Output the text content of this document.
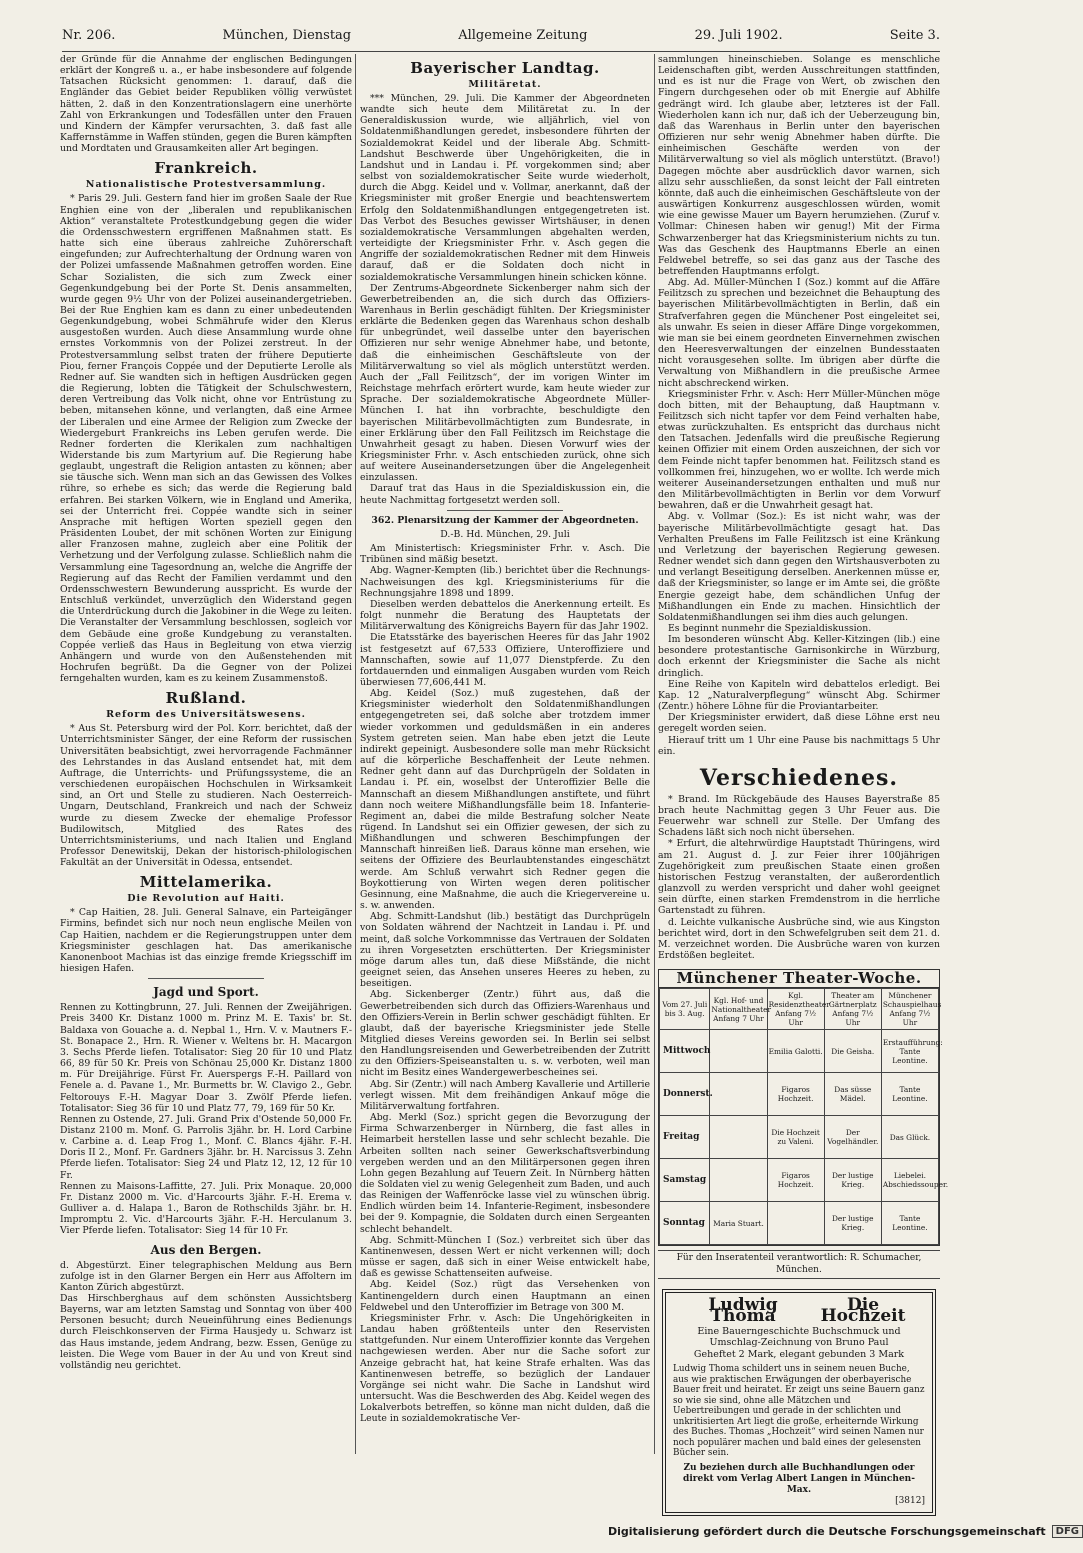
Nr. 206.	München, Dienstag	Allgemeine Zeitung	29. Juli 1902.	Seite 3.

der Gründe für die Annahme der englischen Bedingungen erklärt der Kongreß u. a., er habe insbesondere auf folgende Tatsachen Rücksicht genommen: 1. darauf, daß die Engländer das Gebiet beider Republiken völlig verwüstet hätten, 2. daß in den Konzentrationslagern eine unerhörte Zahl von Erkrankungen und Todesfällen unter den Frauen und Kindern der Kämpfer verursachten, 3. daß fast alle Kaffernstämme in Waffen stünden, gegen die Buren kämpften und Mordtaten und Grausamkeiten aller Art begingen.

Frankreich.
Nationalistische Protestversammlung.

* Paris 29. Juli. Gestern fand hier im großen Saale der Rue Enghien eine von der „liberalen und republikanischen Aktion“ veranstaltete Protestkundgebung gegen die wider die Ordensschwestern ergriffenen Maßnahmen statt. Es hatte sich eine überaus zahlreiche Zuhörerschaft eingefunden; zur Aufrechterhaltung der Ordnung waren von der Polizei umfassende Maßnahmen getroffen worden. Eine Schar Sozialisten, die sich zum Zweck einer Gegenkundgebung bei der Porte St. Denis ansammelten, wurde gegen 9½ Uhr von der Polizei auseinandergetrieben. Bei der Rue Enghien kam es dann zu einer unbedeutenden Gegenkundgebung, wobei Schmährufe wider den Klerus ausgestoßen wurden. Auch diese Ansammlung wurde ohne ernstes Vorkommnis von der Polizei zerstreut. In der Protestversammlung selbst traten der frühere Deputierte Piou, ferner François Coppée und der Deputierte Lerolle als Redner auf. Sie wandten sich in heftigen Ausdrücken gegen die Regierung, lobten die Tätigkeit der Schulschwestern, deren Vertreibung das Volk nicht, ohne vor Entrüstung zu beben, mitansehen könne, und verlangten, daß eine Armee der Liberalen und eine Armee der Religion zum Zwecke der Wiedergeburt Frankreichs ins Leben gerufen werde. Die Redner forderten die Klerikalen zum nachhaltigen Widerstande bis zum Martyrium auf. Die Regierung habe geglaubt, ungestraft die Religion antasten zu können; aber sie täusche sich. Wenn man sich an das Gewissen des Volkes rühre, so erhebe es sich; das werde die Regierung bald erfahren. Bei starken Völkern, wie in England und Amerika, sei der Unterricht frei. Coppée wandte sich in seiner Ansprache mit heftigen Worten speziell gegen den Präsidenten Loubet, der mit schönen Worten zur Einigung aller Franzosen mahne, zugleich aber eine Politik der Verhetzung und der Verfolgung zulasse. Schließlich nahm die Versammlung eine Tagesordnung an, welche die Angriffe der Regierung auf das Recht der Familien verdammt und den Ordensschwestern Bewunderung ausspricht. Es wurde der Entschluß verkündet, unverzüglich den Widerstand gegen die Unterdrückung durch die Jakobiner in die Wege zu leiten. Die Veranstalter der Versammlung beschlossen, sogleich vor dem Gebäude eine große Kundgebung zu veranstalten. Coppée verließ das Haus in Begleitung von etwa vierzig Anhängern und wurde von den Außenstehenden mit Hochrufen begrüßt. Da die Gegner von der Polizei ferngehalten wurden, kam es zu keinem Zusammenstoß.

Rußland.
Reform des Universitätswesens.

* Aus St. Petersburg wird der Pol. Korr. berichtet, daß der Unterrichtsminister Sänger, der eine Reform der russischen Universitäten beabsichtigt, zwei hervorragende Fachmänner des Lehrstandes in das Ausland entsendet hat, mit dem Auftrage, die Unterrichts- und Prüfungssysteme, die an verschiedenen europäischen Hochschulen in Wirksamkeit sind, an Ort und Stelle zu studieren. Nach Oesterreich-Ungarn, Deutschland, Frankreich und nach der Schweiz wurde zu diesem Zwecke der ehemalige Professor Budilowitsch, Mitglied des Rates des Unterrichtsministeriums, und nach Italien und England Professor Denewitskij, Dekan der historisch-philologischen Fakultät an der Universität in Odessa, entsendet.

Mittelamerika.
Die Revolution auf Haiti.

* Cap Haitien, 28. Juli. General Salnave, ein Parteigänger Firmins, befindet sich nur noch neun englische Meilen von Cap Haitien, nachdem er die Regierungstruppen unter dem Kriegsminister geschlagen hat. Das amerikanische Kanonenboot Machias ist das einzige fremde Kriegsschiff im hiesigen Hafen.

Jagd und Sport.

Rennen zu Kottingbrunn, 27. Juli. Rennen der Zweijährigen. Preis 3400 Kr. Distanz 1000 m. Prinz M. E. Taxis' br. St. Baldaxa von Gouache a. d. Nepbal 1., Hrn. V. v. Mautners F.-St. Bonapace 2., Hrn. R. Wiener v. Weltens br. H. Macargon 3. Sechs Pferde liefen. Totalisator: Sieg 20 für 10 und Platz 66, 89 für 50 Kr. Preis von Schönau 25,000 Kr. Distanz 1800 m. Für Dreijährige. Fürst Fr. Auerspergs F.-H. Paillard von Fenele a. d. Pavane 1., Mr. Burmetts br. W. Clavigo 2., Gebr. Feltorouys F.-H. Magyar Doar 3. Zwölf Pferde liefen. Totalisator: Sieg 36 für 10 und Platz 77, 79, 169 für 50 Kr.

Rennen zu Ostende, 27. Juli. Grand Prix d'Ostende 50,000 Fr. Distanz 2100 m. Monf. G. Parrolis 3jähr. br. H. Lord Carbine v. Carbine a. d. Leap Frog 1., Monf. C. Blancs 4jähr. F.-H. Doris II 2., Monf. Fr. Gardners 3jähr. br. H. Narcissus 3. Zehn Pferde liefen. Totalisator: Sieg 24 und Platz 12, 12, 12 für 10 Fr.

Rennen zu Maisons-Laffitte, 27. Juli. Prix Monaque. 20,000 Fr. Distanz 2000 m. Vic. d'Harcourts 3jähr. F.-H. Erema v. Gulliver a. d. Halapa 1., Baron de Rothschilds 3jähr. br. H. Impromptu 2. Vic. d'Harcourts 3jähr. F.-H. Herculanum 3. Vier Pferde liefen. Totalisator: Sieg 14 für 10 Fr.

Aus den Bergen.

d. Abgestürzt. Einer telegraphischen Meldung aus Bern zufolge ist in den Glarner Bergen ein Herr aus Affoltern im Kanton Zürich abgestürzt.

Das Hirschberghaus auf dem schönsten Aussichtsberg Bayerns, war am letzten Samstag und Sonntag von über 400 Personen besucht; durch Neueinführung eines Bedienungs durch Fleischkonserven der Firma Hausjedy u. Schwarz ist das Haus imstande, jedem Andrang, bezw. Essen, Genüge zu leisten. Die Wege vom Bauer in der Au und von Kreut sind vollständig neu gerichtet.

Bayerischer Landtag.
Militäretat.

*** München, 29. Juli. Die Kammer der Abgeordneten wandte sich heute dem Militäretat zu. In der Generaldiskussion wurde, wie alljährlich, viel von Soldatenmißhandlungen geredet, insbesondere führten der Sozialdemokrat Keidel und der liberale Abg. Schmitt-Landshut Beschwerde über Ungehörigkeiten, die in Landshut und in Landau i. Pf. vorgekommen sind; aber selbst von sozialdemokratischer Seite wurde wiederholt, durch die Abgg. Keidel und v. Vollmar, anerkannt, daß der Kriegsminister mit großer Energie und beachtenswertem Erfolg den Soldatenmißhandlungen entgegengetreten ist. Das Verbot des Besuches gewisser Wirtshäuser, in denen sozialdemokratische Versammlungen abgehalten werden, verteidigte der Kriegsminister Frhr. v. Asch gegen die Angriffe der sozialdemokratischen Redner mit dem Hinweis darauf, daß er die Soldaten doch nicht in sozialdemokratische Versammlungen hinein schicken könne.

Der Zentrums-Abgeordnete Sickenberger nahm sich der Gewerbetreibenden an, die sich durch das Offiziers-Warenhaus in Berlin geschädigt fühlten. Der Kriegsminister erklärte die Bedenken gegen das Warenhaus schon deshalb für unbegründet, weil dasselbe unter den bayerischen Offizieren nur sehr wenige Abnehmer habe, und betonte, daß die einheimischen Geschäftsleute von der Militärverwaltung so viel als möglich unterstützt werden. Auch der „Fall Feilitzsch“, der im vorigen Winter im Reichstage mehrfach erörtert wurde, kam heute wieder zur Sprache. Der sozialdemokratische Abgeordnete Müller-München I. hat ihn vorbrachte, beschuldigte den bayerischen Militärbevollmächtigten zum Bundesrate, in einer Erklärung über den Fall Feilitzsch im Reichstage die Unwahrheit gesagt zu haben. Diesen Vorwurf wies der Kriegsminister Frhr. v. Asch entschieden zurück, ohne sich auf weitere Auseinandersetzungen über die Angelegenheit einzulassen.

Darauf trat das Haus in die Spezialdiskussion ein, die heute Nachmittag fortgesetzt werden soll.

362. Plenarsitzung der Kammer der Abgeordneten.
D.-B. Hd. München, 29. Juli

Am Ministertisch: Kriegsminister Frhr. v. Asch. Die Tribünen sind mäßig besetzt.

Abg. Wagner-Kempten (lib.) berichtet über die Rechnungs-Nachweisungen des kgl. Kriegsministeriums für die Rechnungsjahre 1898 und 1899.

Dieselben werden debattelos die Anerkennung erteilt. Es folgt nunmehr die Beratung des Hauptetats der Militärverwaltung des Königreichs Bayern für das Jahr 1902.

Die Etatsstärke des bayerischen Heeres für das Jahr 1902 ist festgesetzt auf 67,533 Offiziere, Unteroffiziere und Mannschaften, sowie auf 11,077 Dienstpferde. Zu den fortdauernden und einmaligen Ausgaben wurden vom Reich überwiesen 77,606,441 M.

Abg. Keidel (Soz.) muß zugestehen, daß der Kriegsminister wiederholt den Soldatenmißhandlungen entgegengetreten sei, daß solche aber trotzdem immer wieder vorkommen und geduldsmäßen in ein anderes System getreten seien. Man habe eben jetzt die Leute indirekt gepeinigt. Ausbesondere solle man mehr Rücksicht auf die körperliche Beschaffenheit der Leute nehmen. Redner geht dann auf das Durchprügeln der Soldaten in Landau i. Pf. ein, woselbst der Unteroffizier Belle die Mannschaft an diesem Mißhandlungen anstiftete, und führt dann noch weitere Mißhandlungsfälle beim 18. Infanterie-Regiment an, dabei die milde Bestrafung solcher Neate rügend. In Landshut sei ein Offizier gewesen, der sich zu Mißhandlungen und schweren Beschimpfungen der Mannschaft hinreißen ließ. Daraus könne man ersehen, wie seitens der Offiziere des Beurlaubtenstandes eingeschätzt werde. Am Schluß verwahrt sich Redner gegen die Boykottierung von Wirten wegen deren politischer Gesinnung, eine Maßnahme, die auch die Kriegervereine u. s. w. anwenden.

Abg. Schmitt-Landshut (lib.) bestätigt das Durchprügeln von Soldaten während der Nachtzeit in Landau i. Pf. und meint, daß solche Vorkommnisse das Vertrauen der Soldaten zu ihren Vorgesetzten erschütterten. Der Kriegsminister möge darum alles tun, daß diese Mißstände, die nicht geeignet seien, das Ansehen unseres Heeres zu heben, zu beseitigen.

Abg. Sickenberger (Zentr.) führt aus, daß die Gewerbetreibenden sich durch das Offiziers-Warenhaus und den Offiziers-Verein in Berlin schwer geschädigt fühlten. Er glaubt, daß der bayerische Kriegsminister jede Stelle Mitglied dieses Vereins geworden sei. In Berlin sei selbst den Handlungsreisenden und Gewerbetreibenden der Zutritt zu den Offiziers-Speiseanstalten u. s. w. verboten, weil man nicht im Besitz eines Wandergewerbescheines sei.

Abg. Sir (Zentr.) will nach Amberg Kavallerie und Artillerie verlegt wissen. Mit dem freihändigen Ankauf möge die Militärverwaltung fortfahren.

Abg. Merkl (Soz.) spricht gegen die Bevorzugung der Firma Schwarzenberger in Nürnberg, die fast alles in Heimarbeit herstellen lasse und sehr schlecht bezahle. Die Arbeiten sollten nach seiner Gewerkschaftsverbindung vergeben werden und an den Militärpersonen gegen ihren Lohn gegen Bezahlung auf Teuern Zeit. In Nürnberg hätten die Soldaten viel zu wenig Gelegenheit zum Baden, und auch das Reinigen der Waffenröcke lasse viel zu wünschen übrig. Endlich würden beim 14. Infanterie-Regiment, insbesondere bei der 9. Kompagnie, die Soldaten durch einen Sergeanten schlecht behandelt.

Abg. Schmitt-München I (Soz.) verbreitet sich über das Kantinenwesen, dessen Wert er nicht verkennen will; doch müsse er sagen, daß sich in einer Weise entwickelt habe, daß es gewisse Schattenseiten aufweise.

Abg. Keidel (Soz.) rügt das Versehenken von Kantinengeldern durch einen Hauptmann an einen Feldwebel und den Unteroffizier im Betrage von 300 M.

Kriegsminister Frhr. v. Asch: Die Ungehörigkeiten in Landau haben größtenteils unter den Reservisten stattgefunden. Nur einem Unteroffizier konnte das Vergehen nachgewiesen werden. Aber nur die Sache sofort zur Anzeige gebracht hat, hat keine Strafe erhalten. Was das Kantinenwesen betreffe, so bezüglich der Landauer Vorgänge sei nicht wahr. Die Sache in Landshut wird untersucht. Was die Beschwerden des Abg. Keidel wegen des Lokalverbots betreffen, so könne man nicht dulden, daß die Leute in sozialdemokratische Ver-

sammlungen hineinschieben. Solange es menschliche Leidenschaften gibt, werden Ausschreitungen stattfinden, und es ist nur die Frage von Wert, ob zwischen den Fingern durchgesehen oder ob mit Energie auf Abhilfe gedrängt wird. Ich glaube aber, letzteres ist der Fall. Wiederholen kann ich nur, daß ich der Ueberzeugung bin, daß das Warenhaus in Berlin unter den bayerischen Offizieren nur sehr wenig Abnehmer haben dürfte. Die einheimischen Geschäfte werden von der Militärverwaltung so viel als möglich unterstützt. (Bravo!) Dagegen möchte aber ausdrücklich davor warnen, sich allzu sehr ausschließen, da sonst leicht der Fall eintreten könnte, daß auch die einheimischen Geschäftsleute von der auswärtigen Konkurrenz ausgeschlossen würden, womit wie eine gewisse Mauer um Bayern herumziehen. (Zuruf v. Vollmar: Chinesen haben wir genug!) Mit der Firma Schwarzenberger hat das Kriegsministerium nichts zu tun. Was das Geschenk des Hauptmanns Eberle an einen Feldwebel betreffe, so sei das ganz aus der Tasche des betreffenden Hauptmanns erfolgt.

Abg. Ad. Müller-München I (Soz.) kommt auf die Affäre Feilitzsch zu sprechen und bezeichnet die Behauptung des bayerischen Militärbevollmächtigten in Berlin, daß ein Strafverfahren gegen die Münchener Post eingeleitet sei, als unwahr. Es seien in dieser Affäre Dinge vorgekommen, wie man sie bei einem geordneten Einvernehmen zwischen den Heeresverwaltungen der einzelnen Bundesstaaten nicht vorausgesehen sollte. Im übrigen aber dürfte die Verwaltung von Mißhandlern in die preußische Armee nicht abschreckend wirken.

Kriegsminister Frhr. v. Asch: Herr Müller-München möge doch bitten, mit der Behauptung, daß Hauptmann v. Feilitzsch sich nicht tapfer vor dem Feind verhalten habe, etwas zurückzuhalten. Es entspricht das durchaus nicht den Tatsachen. Jedenfalls wird die preußische Regierung keinen Offizier mit einem Orden auszeichnen, der sich vor dem Feinde nicht tapfer benommen hat. Feilitzsch stand es vollkommen frei, hinzugehen, wo er wollte. Ich werde mich weiterer Auseinandersetzungen enthalten und muß nur den Militärbevollmächtigten in Berlin vor dem Vorwurf bewahren, daß er die Unwahrheit gesagt hat.

Abg. v. Vollmar (Soz.): Es ist nicht wahr, was der bayerische Militärbevollmächtigte gesagt hat. Das Verhalten Preußens im Falle Feilitzsch ist eine Kränkung und Verletzung der bayerischen Regierung gewesen. Redner wendet sich dann gegen den Wirtshausverboten zu und verlangt Beseitigung derselben. Anerkennen müsse er, daß der Kriegsminister, so lange er im Amte sei, die größte Energie gezeigt habe, dem schändlichen Unfug der Mißhandlungen ein Ende zu machen. Hinsichtlich der Soldatenmißhandlungen sei ihm dies auch gelungen.

Es beginnt nunmehr die Spezialdiskussion.

Im besonderen wünscht Abg. Keller-Kitzingen (lib.) eine besondere protestantische Garnisonkirche in Würzburg, doch erkennt der Kriegsminister die Sache als nicht dringlich.

Eine Reihe von Kapiteln wird debattelos erledigt. Bei Kap. 12 „Naturalverpflegung“ wünscht Abg. Schirmer (Zentr.) höhere Löhne für die Proviantarbeiter.

Der Kriegsminister erwidert, daß diese Löhne erst neu geregelt worden seien.

Hierauf tritt um 1 Uhr eine Pause bis nachmittags 5 Uhr ein.

Verschiedenes.

* Brand. Im Rückgebäude des Hauses Bayerstraße 85 brach heute Nachmittag gegen 3 Uhr Feuer aus. Die Feuerwehr war schnell zur Stelle. Der Umfang des Schadens läßt sich noch nicht übersehen.

* Erfurt, die altehrwürdige Hauptstadt Thüringens, wird am 21. August d. J. zur Feier ihrer 100jährigen Zugehörigkeit zum preußischen Staate einen großen historischen Festzug veranstalten, der außerordentlich glanzvoll zu werden verspricht und daher wohl geeignet sein dürfte, einen starken Fremdenstrom in die herrliche Gartenstadt zu führen.

d. Leichte vulkanische Ausbrüche sind, wie aus Kingston berichtet wird, dort in den Schwefelgruben seit dem 21. d. M. verzeichnet worden. Die Ausbrüche waren von kurzen Erdstößen begleitet.

Münchener Theater-Woche.
Vom 27. Juli bis 3. Aug.	Kgl. Hof- und Nationaltheater Anfang 7 Uhr	Kgl. Residenztheater Anfang 7½ Uhr	Theater am Gärtnerplatz Anfang 7½ Uhr	Münchener Schauspielhaus Anfang 7½ Uhr
Mittwoch		Emilia Galotti.	Die Geisha.	Erstaufführung: Tante Leontine.
Donnerst.		Figaros Hochzeit.	Das süsse Mädel.	Tante Leontine.
Freitag		Die Hochzeit zu Valeni.	Der Vogelhändler.	Das Glück.
Samstag		Figaros Hochzeit.	Der lustige Krieg.	Liebelei. Abschiedssouper.
Sonntag	Maria Stuart.		Der lustige Krieg.	Tante Leontine.
Für den Inseratenteil verantwortlich: R. Schumacher, München.
Ludwig Thoma
Die Hochzeit
Eine Bauerngeschichte Buchschmuck und Umschlag-Zeichnung von Bruno Paul
Geheftet 2 Mark, elegant gebunden 3 Mark
Ludwig Thoma schildert uns in seinem neuen Buche, aus wie praktischen Erwägungen der oberbayerische Bauer freit und heiratet. Er zeigt uns seine Bauern ganz so wie sie sind, ohne alle Mätzchen und Uebertreibungen und gerade in der schlichten und unkritisierten Art liegt die große, erheiternde Wirkung des Buches. Thomas „Hochzeit“ wird seinen Namen nur noch populärer machen und bald eines der gelesensten Bücher sein.
Zu beziehen durch alle Buchhandlungen oder direkt vom Verlag Albert Langen in München-Max.
[3812]
Digitalisierung gefördert durch die Deutsche Forschungsgemeinschaft	DFG
